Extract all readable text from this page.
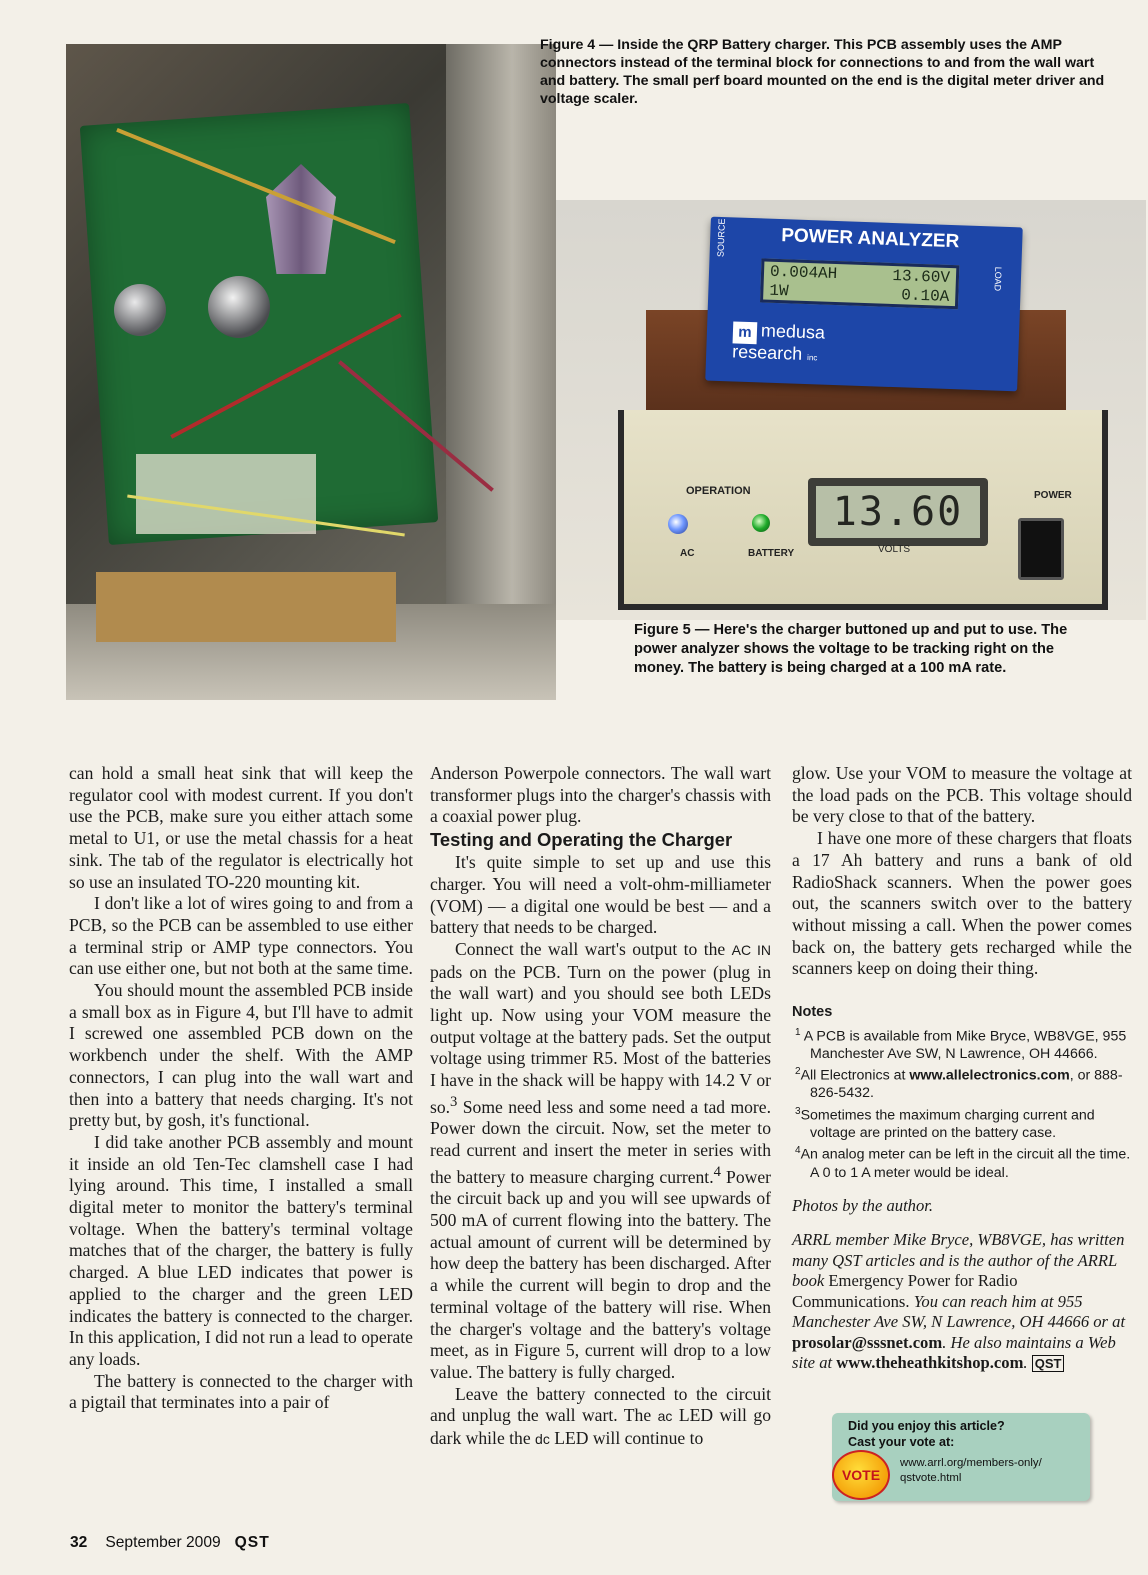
Figure 4 — Inside the QRP Battery charger. This PCB assembly uses the AMP connectors instead of the terminal block for connections to and from the wall wart and battery. The small perf board mounted on the end is the digital meter driver and voltage scaler.
POWER ANALYZER
SOURCE
LOAD
0.004AH	13.60V
1W	0.10A
m medusa research inc
OPERATION
AC	BATTERY
13.60
VOLTS
POWER
Figure 5 — Here's the charger buttoned up and put to use. The power analyzer shows the voltage to be tracking right on the money. The battery is being charged at a 100 mA rate.

can hold a small heat sink that will keep the regulator cool with modest current. If you don't use the PCB, make sure you either attach some metal to U1, or use the metal chassis for a heat sink. The tab of the regulator is electrically hot so use an insulated TO-220 mounting kit.

I don't like a lot of wires going to and from a PCB, so the PCB can be assembled to use either a terminal strip or AMP type connectors. You can use either one, but not both at the same time.

You should mount the assembled PCB inside a small box as in Figure 4, but I'll have to admit I screwed one assembled PCB down on the workbench under the shelf. With the AMP connectors, I can plug into the wall wart and then into a battery that needs charging. It's not pretty but, by gosh, it's functional.

I did take another PCB assembly and mount it inside an old Ten-Tec clamshell case I had lying around. This time, I installed a small digital meter to monitor the battery's terminal voltage. When the battery's terminal voltage matches that of the charger, the battery is fully charged. A blue LED indicates that power is applied to the charger and the green LED indicates the battery is connected to the charger. In this application, I did not run a lead to operate any loads.

The battery is connected to the charger with a pigtail that terminates into a pair of

Anderson Powerpole connectors. The wall wart transformer plugs into the charger's chassis with a coaxial power plug.

Testing and Operating the Charger

It's quite simple to set up and use this charger. You will need a volt-ohm-milliameter (VOM) — a digital one would be best — and a battery that needs to be charged.

Connect the wall wart's output to the AC IN pads on the PCB. Turn on the power (plug in the wall wart) and you should see both LEDs light up. Now using your VOM measure the output voltage at the battery pads. Set the output voltage using trimmer R5. Most of the batteries I have in the shack will be happy with 14.2 V or so.$^3$ Some need less and some need a tad more. Power down the circuit. Now, set the meter to read current and insert the meter in series with the battery to measure charging current.$^4$ Power the circuit back up and you will see upwards of 500 mA of current flowing into the battery. The actual amount of current will be determined by how deep the battery has been discharged. After a while the current will begin to drop and the terminal voltage of the battery will rise. When the charger's voltage and the battery's voltage meet, as in Figure 5, current will drop to a low value. The battery is fully charged.

Leave the battery connected to the circuit and unplug the wall wart. The ac LED will go dark while the dc LED will continue to

glow. Use your VOM to measure the voltage at the load pads on the PCB. This voltage should be very close to that of the battery.

I have one more of these chargers that floats a 17 Ah battery and runs a bank of old RadioShack scanners. When the power goes out, the scanners switch over to the battery without missing a call. When the power comes back on, the battery gets recharged while the scanners keep on doing their thing.

Notes
$^1$ A PCB is available from Mike Bryce, WB8VGE, 955 Manchester Ave SW, N Lawrence, OH 44666.
$^2$All Electronics at www.allelectronics.com, or 888-826-5432.
$^3$Sometimes the maximum charging current and voltage are printed on the battery case.
$^4$An analog meter can be left in the circuit all the time. A 0 to 1 A meter would be ideal.
Photos by the author.
ARRL member Mike Bryce, WB8VGE, has written many QST articles and is the author of the ARRL book Emergency Power for Radio Communications. You can reach him at 955 Manchester Ave SW, N Lawrence, OH 44666 or at prosolar@sssnet.com. He also maintains a Web site at www.theheathkitshop.com. QST
Did you enjoy this article?
Cast your vote at:
VOTE
www.arrl.org/members-only/
qstvote.html
32 September 2009 QST
